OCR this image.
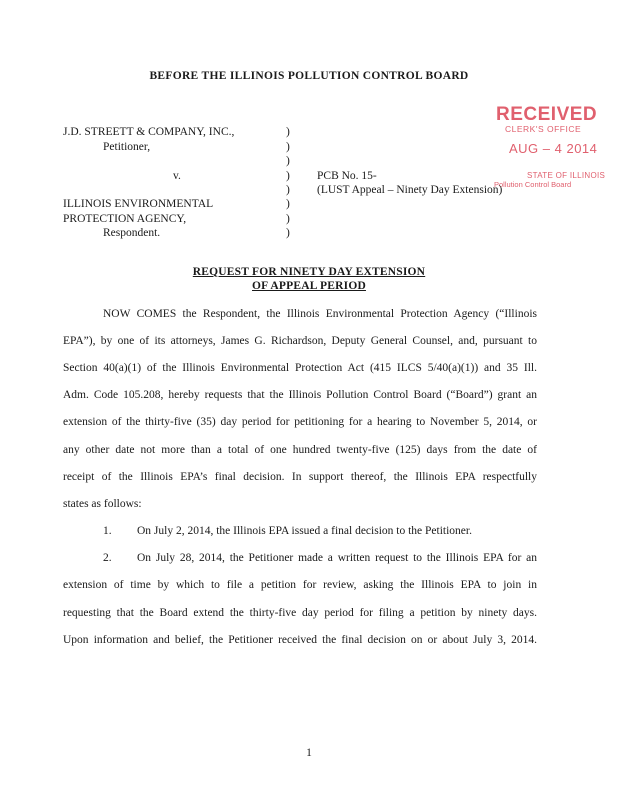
BEFORE THE ILLINOIS POLLUTION CONTROL BOARD
RECEIVED
CLERK'S OFFICE
AUG – 4 2014
STATE OF ILLINOIS
Pollution Control Board
J.D. STREETT & COMPANY, INC.,
Petitioner,
v.
ILLINOIS ENVIRONMENTAL
PROTECTION AGENCY,
Respondent.
)
)
)
)
)
)
)
)
PCB No. 15-
(LUST Appeal – Ninety Day Extension)
REQUEST FOR NINETY DAY EXTENSION
OF APPEAL PERIOD
NOW COMES the Respondent, the Illinois Environmental Protection Agency (“Illinois
EPA”), by one of its attorneys, James G. Richardson, Deputy General Counsel, and, pursuant to
Section 40(a)(1) of the Illinois Environmental Protection Act (415 ILCS 5/40(a)(1)) and 35 Ill.
Adm. Code 105.208, hereby requests that the Illinois Pollution Control Board (“Board”) grant an
extension of the thirty-five (35) day period for petitioning for a hearing to November 5, 2014, or
any other date not more than a total of one hundred twenty-five (125) days from the date of
receipt of the Illinois EPA’s final decision. In support thereof, the Illinois EPA respectfully
states as follows:
1. On July 2, 2014, the Illinois EPA issued a final decision to the Petitioner.
2. On July 28, 2014, the Petitioner made a written request to the Illinois EPA for an
extension of time by which to file a petition for review, asking the Illinois EPA to join in
requesting that the Board extend the thirty-five day period for filing a petition by ninety days.
Upon information and belief, the Petitioner received the final decision on or about July 3, 2014.
1
